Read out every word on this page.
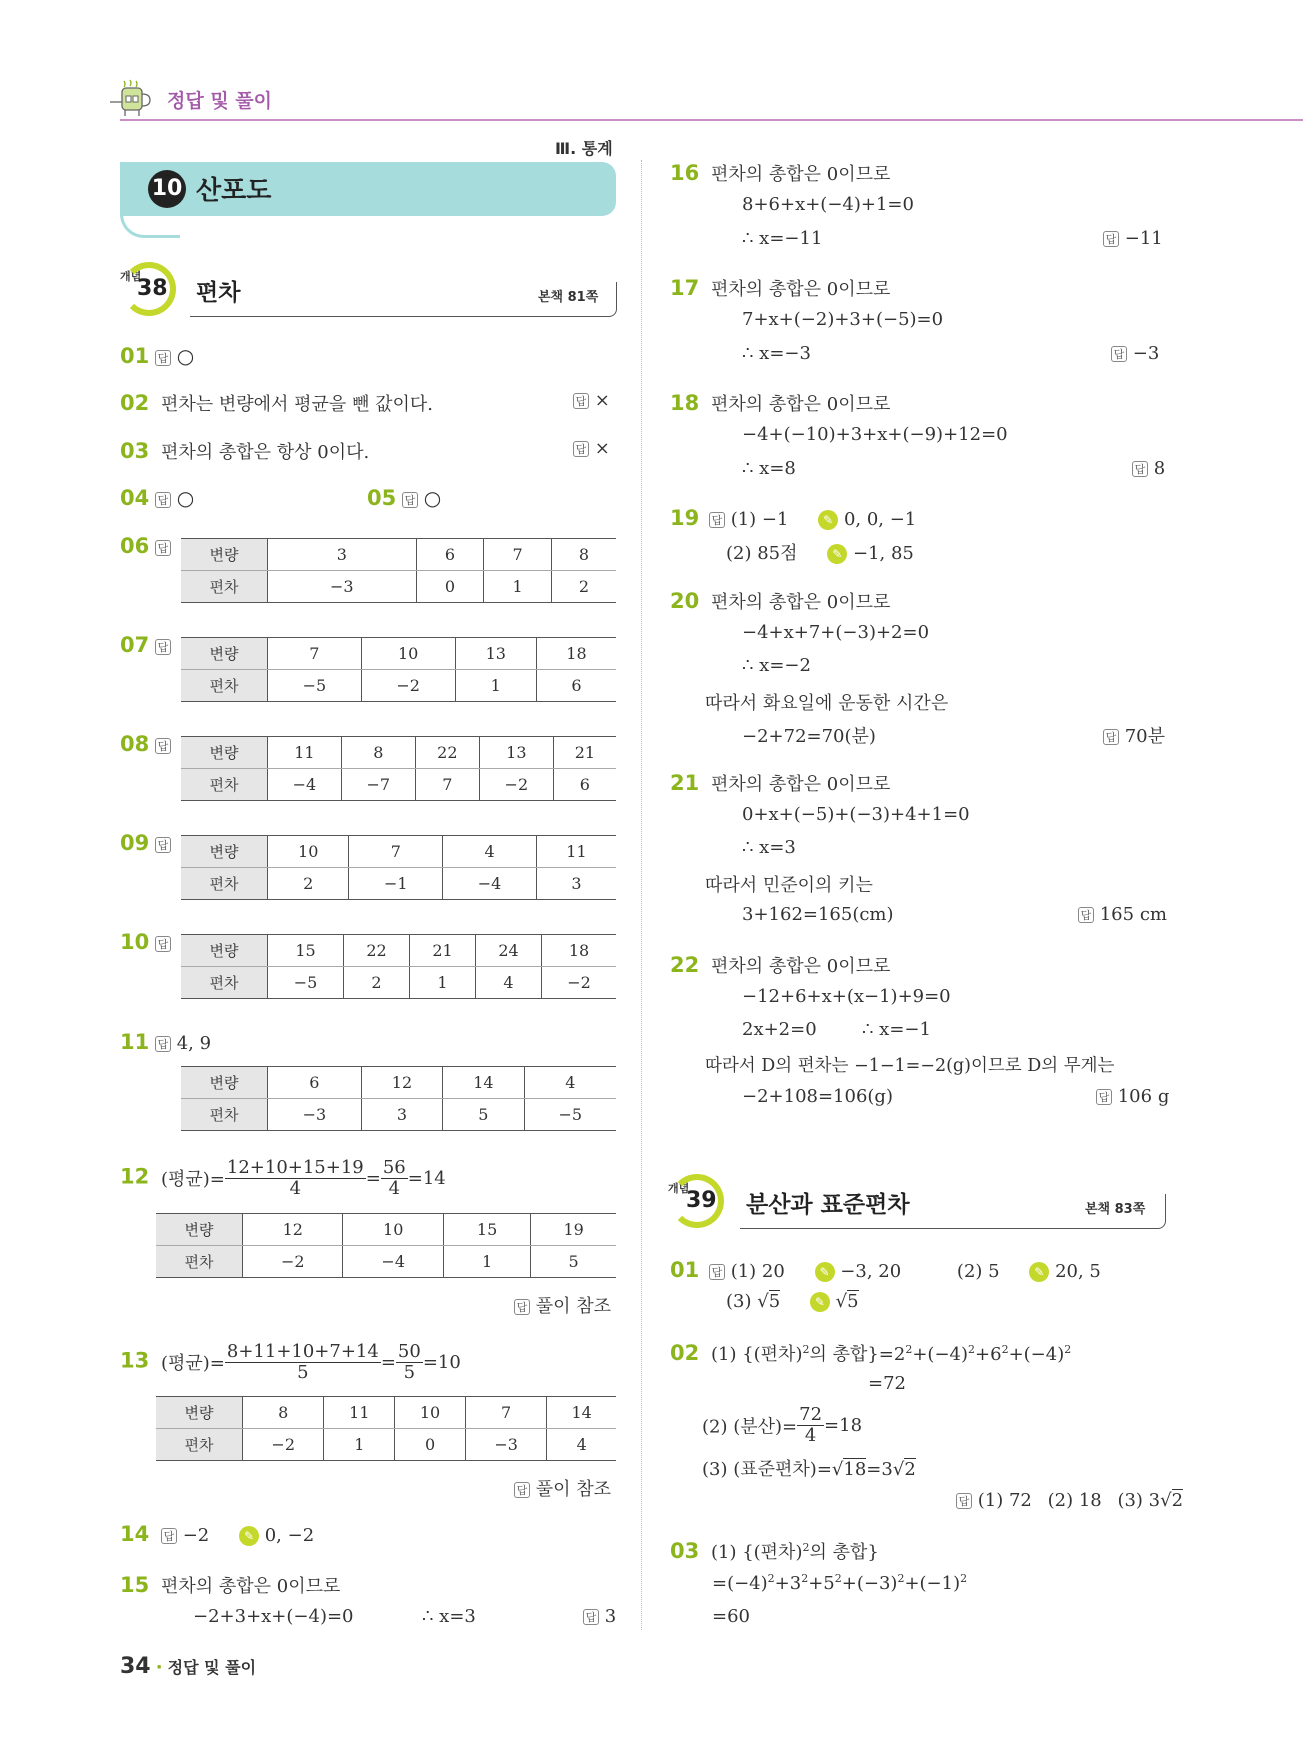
정답 및 풀이
Ⅲ. 통계
10 산포도
개념
38 편차	본책 81쪽
01 답 ○
02 편차는 변량에서 평균을 뺀 값이다.	답 ×
03 편차의 총합은 항상 0이다.	답 ×
04 답 ○	05 답 ○
06 답	변량	3	6	7	8
편차	−3	0	1	2
07 답	변량	7	10	13	18
편차	−5	−2	1	6
08 답	변량	11	8	22	13	21
편차	−4	−7	7	−2	6
09 답	변량	10	7	4	11
편차	2	−1	−4	3
10 답	변량	15	22	21	24	18
편차	−5	2	1	4	−2
11 답 4, 9
변량	6	12	14	4
편차	−3	3	5	−5
12 (평균)= $\frac{12+10+15+19}{4} = \frac{56}{4} =14$
변량	12	10	15	19
편차	−2	−4	1	5
답 풀이 참조
13 (평균)= $\frac{8+11+10+7+14}{5} = \frac{50}{5} =10$
변량	8	11	10	7	14
편차	−2	1	0	−3	4
답 풀이 참조
14 답 −2	✎ 0, −2
15 편차의 총합은 0이므로
−2+3+x+(−4)=0	∴ x=3	답 3
16 편차의 총합은 0이므로
8+6+x+(−4)+1=0
∴ x=−11	답 −11
17 편차의 총합은 0이므로
7+x+(−2)+3+(−5)=0
∴ x=−3	답 −3
18 편차의 총합은 0이므로
−4+(−10)+3+x+(−9)+12=0
∴ x=8	답 8
19 답 (1) −1	✎ 0, 0, −1
(2) 85점	✎ −1, 85
20 편차의 총합은 0이므로
−4+x+7+(−3)+2=0
∴ x=−2
따라서 화요일에 운동한 시간은
−2+72=70(분)	답 70분
21 편차의 총합은 0이므로
0+x+(−5)+(−3)+4+1=0
∴ x=3
따라서 민준이의 키는
3+162=165(cm)	답 165 cm
22 편차의 총합은 0이므로
−12+6+x+(x−1)+9=0
2x+2=0	∴ x=−1
따라서 D의 편차는 −1−1=−2(g)이므로 D의 무게는
−2+108=106(g)	답 106 g
개념
39 분산과 표준편차	본책 83쪽
01 답 (1) 20	✎ −3, 20	(2) 5	✎ 20, 5
(3) √5	✎ √5
02 (1) {(편차)$^2$의 총합}$=2^2+(-4)^2+6^2+(-4)^2$
=72
(2) (분산)= $\frac{72}{4} =18$
(3) (표준편차)=√18=3√2
답 (1) 72 (2) 18 (3) 3√2
03 (1) {(편차)$^2$의 총합}
$=(-4)^2+3^2+5^2+(-3)^2+(-1)^2$
=60
34 · 정답 및 풀이
